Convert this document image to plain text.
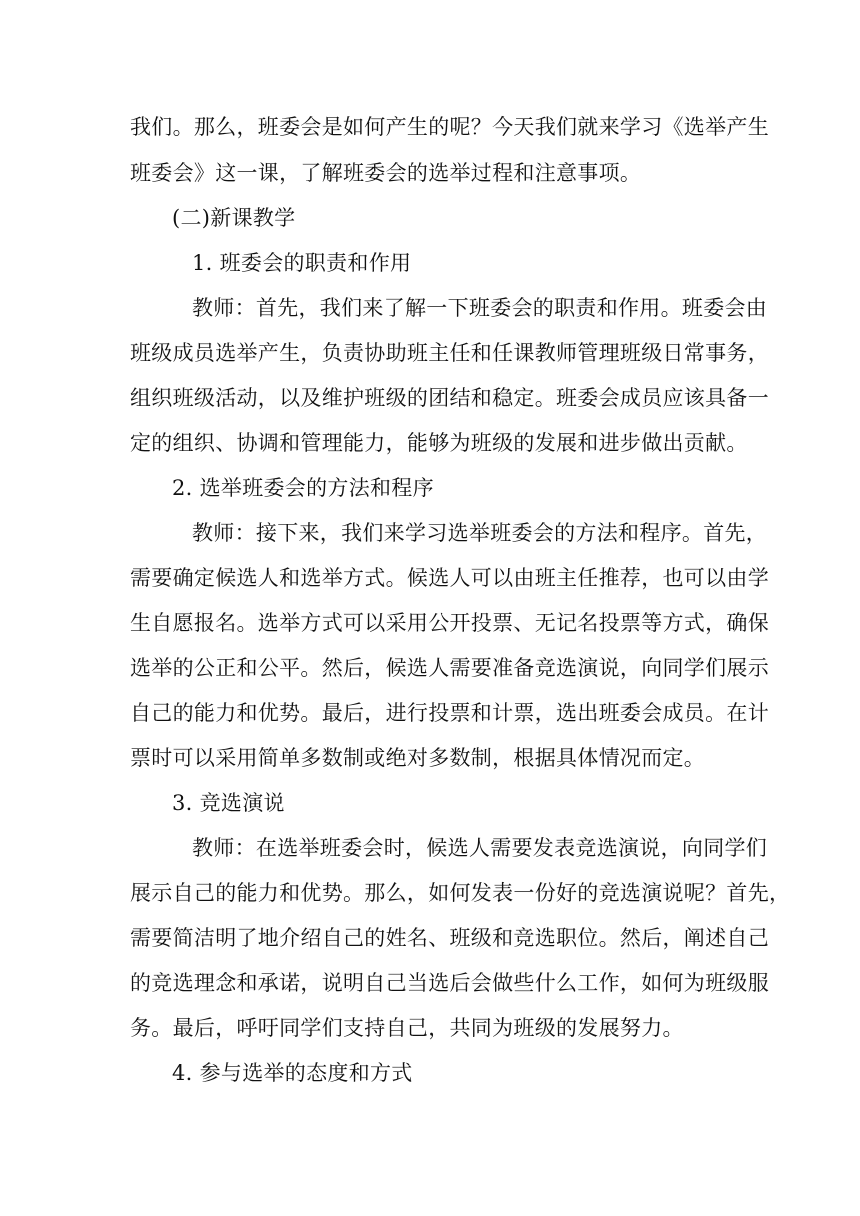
我们。那么，班委会是如何产生的呢？今天我们就来学习《选举产生
班委会》这一课，了解班委会的选举过程和注意事项。
(二)新课教学
1. 班委会的职责和作用
教师：首先，我们来了解一下班委会的职责和作用。班委会由
班级成员选举产生，负责协助班主任和任课教师管理班级日常事务，
组织班级活动，以及维护班级的团结和稳定。班委会成员应该具备一
定的组织、协调和管理能力，能够为班级的发展和进步做出贡献。
2. 选举班委会的方法和程序
教师：接下来，我们来学习选举班委会的方法和程序。首先，
需要确定候选人和选举方式。候选人可以由班主任推荐，也可以由学
生自愿报名。选举方式可以采用公开投票、无记名投票等方式，确保
选举的公正和公平。然后，候选人需要准备竞选演说，向同学们展示
自己的能力和优势。最后，进行投票和计票，选出班委会成员。在计
票时可以采用简单多数制或绝对多数制，根据具体情况而定。
3. 竞选演说
教师：在选举班委会时，候选人需要发表竞选演说，向同学们
展示自己的能力和优势。那么，如何发表一份好的竞选演说呢？首先，
需要简洁明了地介绍自己的姓名、班级和竞选职位。然后，阐述自己
的竞选理念和承诺，说明自己当选后会做些什么工作，如何为班级服
务。最后，呼吁同学们支持自己，共同为班级的发展努力。
4. 参与选举的态度和方式
